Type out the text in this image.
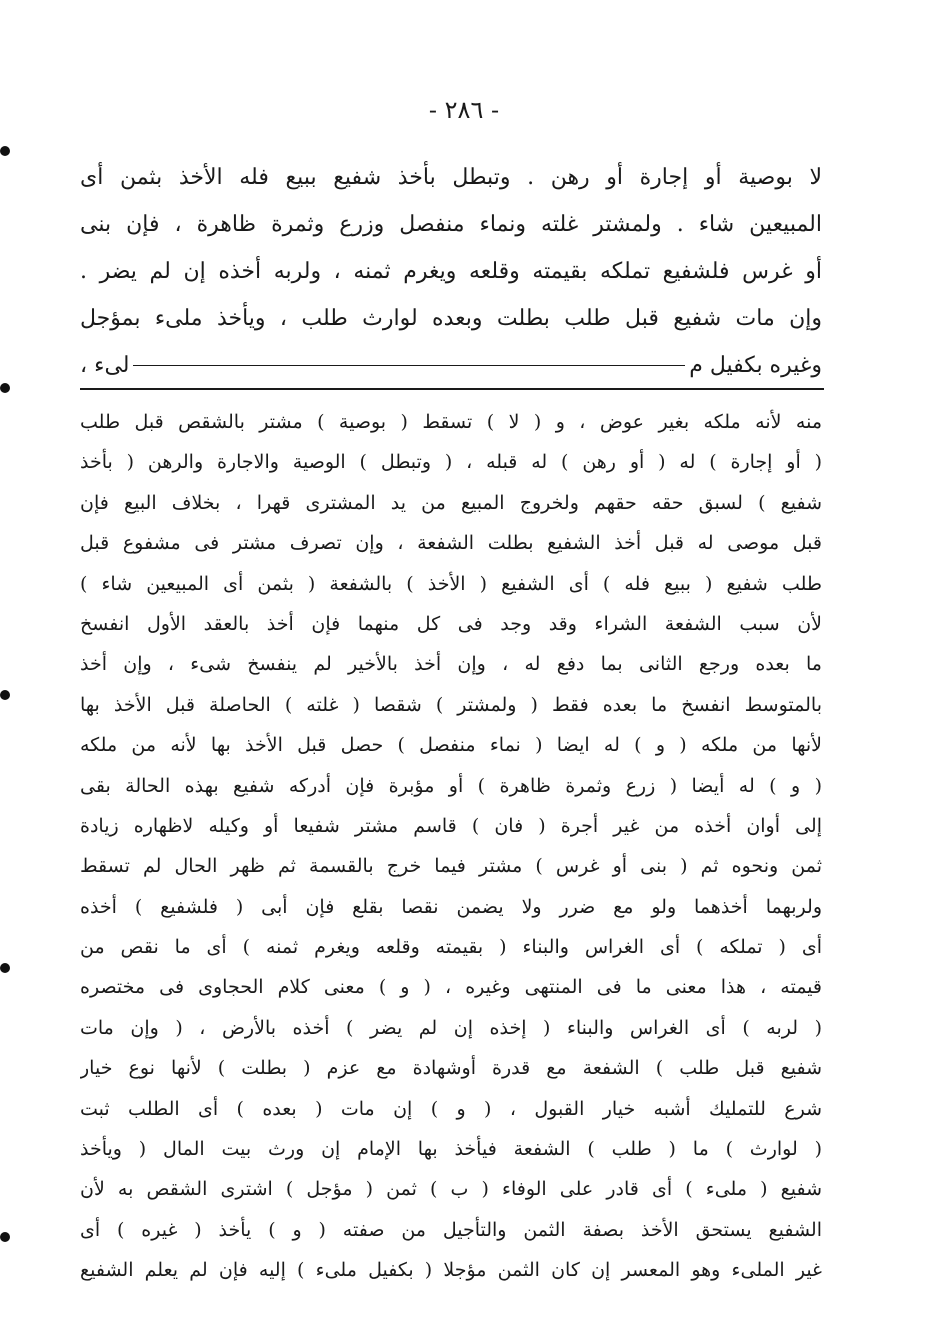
- ٢٨٦ -
لا بوصية أو إجارة أو رهن . وتبطل بأخذ شفيع ببيع فله الأخذ بثمن أى
المبيعين شاء . ولمشتر غلته ونماء منفصل وزرع وثمرة ظاهرة ، فإن بنى
أو غرس فلشفيع تملكه بقيمته وقلعه ويغرم ثمنه ، ولربه أخذه إن لم يضر .
وإن مات شفيع قبل طلب بطلت وبعده لوارث طلب ، ويأخذ ملىء بمؤجل
وغيره بكفيل م
لىء ،
منه لأنه ملكه بغير عوض ، و ( لا ) تسقط ( بوصية ) مشتر بالشقص قبل طلب
( أو إجارة ) له ( أو رهن ) له قبله ، ( وتبطل ) الوصية والاجارة والرهن ( بأخذ
شفيع ) لسبق حقه حقهم ولخروج المبيع من يد المشترى قهرا ، بخلاف البيع فإن
قبل موصى له قبل أخذ الشفيع بطلت الشفعة ، وإن تصرف مشتر فى مشفوع قبل
طلب شفيع ( ببيع فله ) أى الشفيع ( الأخذ ) بالشفعة ( بثمن أى المبيعين شاء )
لأن سبب الشفعة الشراء وقد وجد فى كل منهما فإن أخذ بالعقد الأول انفسخ
ما بعده ورجع الثانى بما دفع له ، وإن أخذ بالأخير لم ينفسخ شىء ، وإن أخذ
بالمتوسط انفسخ ما بعده فقط ( ولمشتر ) شقصا ( غلته ) الحاصلة قبل الأخذ بها
لأنها من ملكه ( و ) له ايضا ( نماء منفصل ) حصل قبل الأخذ بها لأنه من ملكه
( و ) له أيضا ( زرع وثمرة ظاهرة ) أو مؤبرة فإن أدركه شفيع بهذه الحالة بقى
إلى أوان أخذه من غير أجرة ( فان ) قاسم مشتر شفيعا أو وكيله لاظهاره زيادة
ثمن ونحوه ثم ( بنى أو غرس ) مشتر فيما خرج بالقسمة ثم ظهر الحال لم تسقط
ولربهما أخذهما ولو مع ضرر ولا يضمن نقصا بقلع فإن أبى ( فلشفيع ) أخذه
أى ( تملكه ) أى الغراس والبناء ( بقيمته وقلعه ويغرم ثمنه ) أى ما نقص من
قيمته ، هذا معنى ما فى المنتهى وغيره ، ( و ) معنى كلام الحجاوى فى مختصره
( لربه ) أى الغراس والبناء ( إخذه إن لم يضر ) أخذه بالأرض ، ( وإن مات
شفيع قبل طلب ) الشفعة مع قدرة أوشهادة مع عزم ( بطلت ) لأنها نوع خيار
شرع للتمليك أشبه خيار القبول ، ( و ) إن مات ( بعده ) أى الطلب ثبت
( لوارث ) ما ( طلب ) الشفعة فيأخذ بها الإمام إن ورث بيت المال ( ويأخذ
شفيع ( ملىء ) أى قادر على الوفاء ( ب ) ثمن ( مؤجل ) اشترى الشقص به لأن
الشفيع يستحق الأخذ بصفة الثمن والتأجيل من صفته ( و ) يأخذ ( غيره ) أى
غير الملىء وهو المعسر إن كان الثمن مؤجلا ( بكفيل ملىء ) إليه فإن لم يعلم الشفيع
